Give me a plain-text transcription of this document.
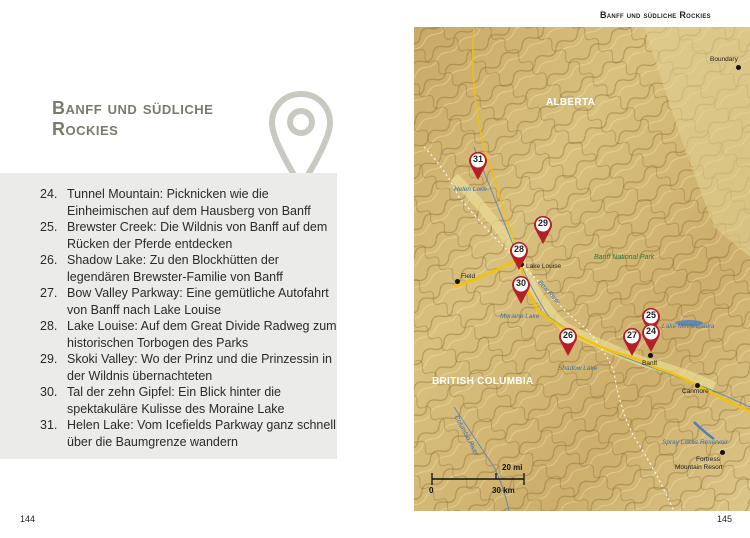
Banff und südliche
Rockies
24. Tunnel Mountain: Picknicken wie die Einheimischen auf dem Hausberg von Banff
25. Brewster Creek: Die Wildnis von Banff auf dem Rücken der Pferde entdecken
26. Shadow Lake: Zu den Blockhütten der legendären Brewster-Familie von Banff
27. Bow Valley Parkway: Eine gemütliche Autofahrt von Banff nach Lake Louise
28. Lake Louise: Auf dem Great Divide Radweg zum historischen Torbogen des Parks
29. Skoki Valley: Wo der Prinz und die Prinzessin in der Wildnis übernachteten
30. Tal der zehn Gipfel: Ein Blick hinter die spektakuläre Kulisse des Moraine Lake
31. Helen Lake: Vom Icefields Parkway ganz schnell über die Baumgrenze wandern
144
Banff und südliche Rockies
ALBERTA
BRITISH COLUMBIA
Banff National Park
Boundary
Field
Lake Louise
Banff
Canmore
Fortress
Mountain Resort
Helen Lake
Moraine Lake
Shadow Lake
Lake Minnewanka
Spray Lakes Reservoir
Bow River
Columbia River
31
29
28
30
26
25
27 24
20 mi
0	30 km
145
